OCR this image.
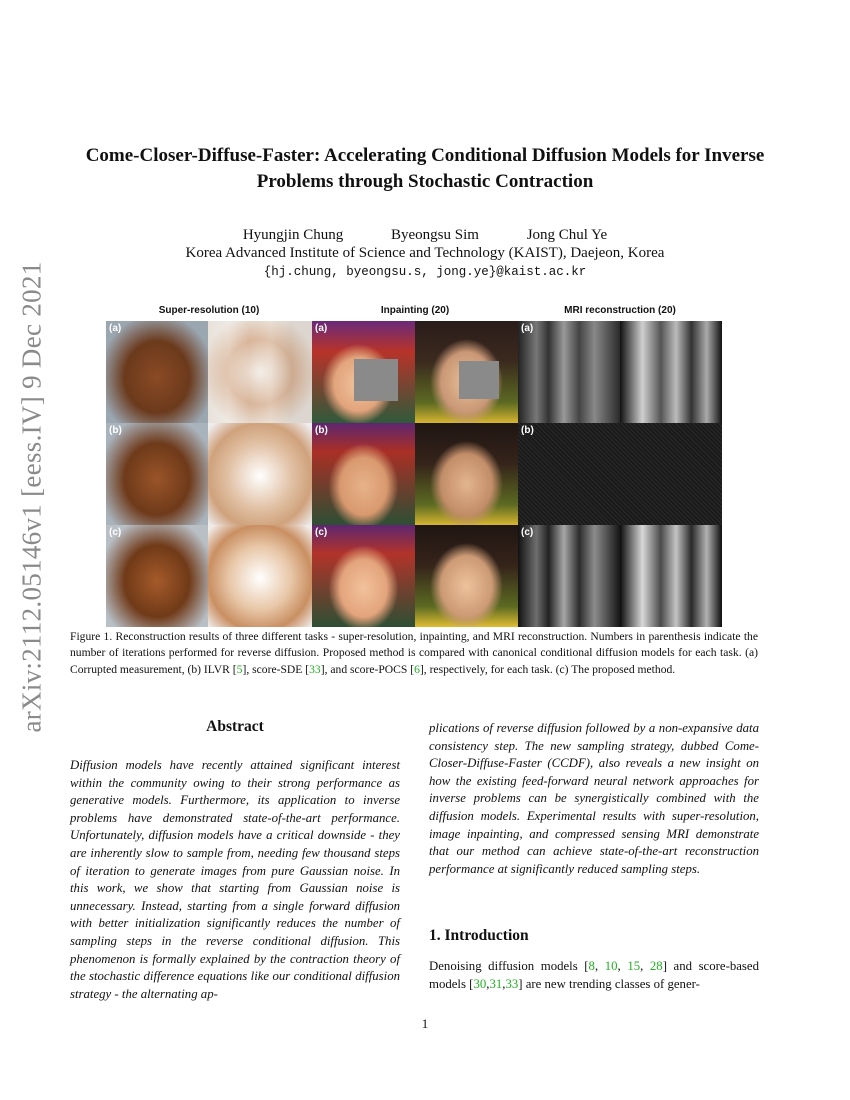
arXiv:2112.05146v1 [eess.IV] 9 Dec 2021
Come-Closer-Diffuse-Faster: Accelerating Conditional Diffusion Models for Inverse Problems through Stochastic Contraction
Hyungjin Chung	Byeongsu Sim	Jong Chul Ye
Korea Advanced Institute of Science and Technology (KAIST), Daejeon, Korea
{hj.chung, byeongsu.s, jong.ye}@kaist.ac.kr
Super-resolution (10)	Inpainting (20)	MRI reconstruction (20)
(a)	(a)	(a)
(b)	(b)	(b)
(c)	(c)	(c)
Figure 1. Reconstruction results of three different tasks - super-resolution, inpainting, and MRI reconstruction. Numbers in parenthesis indicate the number of iterations performed for reverse diffusion. Proposed method is compared with canonical conditional diffusion models for each task. (a) Corrupted measurement, (b) ILVR [5], score-SDE [33], and score-POCS [6], respectively, for each task. (c) The proposed method.
Abstract
Diffusion models have recently attained significant interest within the community owing to their strong performance as generative models. Furthermore, its application to inverse problems have demonstrated state-of-the-art performance. Unfortunately, diffusion models have a critical downside - they are inherently slow to sample from, needing few thousand steps of iteration to generate images from pure Gaussian noise. In this work, we show that starting from Gaussian noise is unnecessary. Instead, starting from a single forward diffusion with better initialization significantly reduces the number of sampling steps in the reverse conditional diffusion. This phenomenon is formally explained by the contraction theory of the stochastic difference equations like our conditional diffusion strategy - the alternating ap-
plications of reverse diffusion followed by a non-expansive data consistency step. The new sampling strategy, dubbed Come-Closer-Diffuse-Faster (CCDF), also reveals a new insight on how the existing feed-forward neural network approaches for inverse problems can be synergistically combined with the diffusion models. Experimental results with super-resolution, image inpainting, and compressed sensing MRI demonstrate that our method can achieve state-of-the-art reconstruction performance at significantly reduced sampling steps.
1. Introduction
Denoising diffusion models [8, 10, 15, 28] and score-based models [30,31,33] are new trending classes of gener-
1
